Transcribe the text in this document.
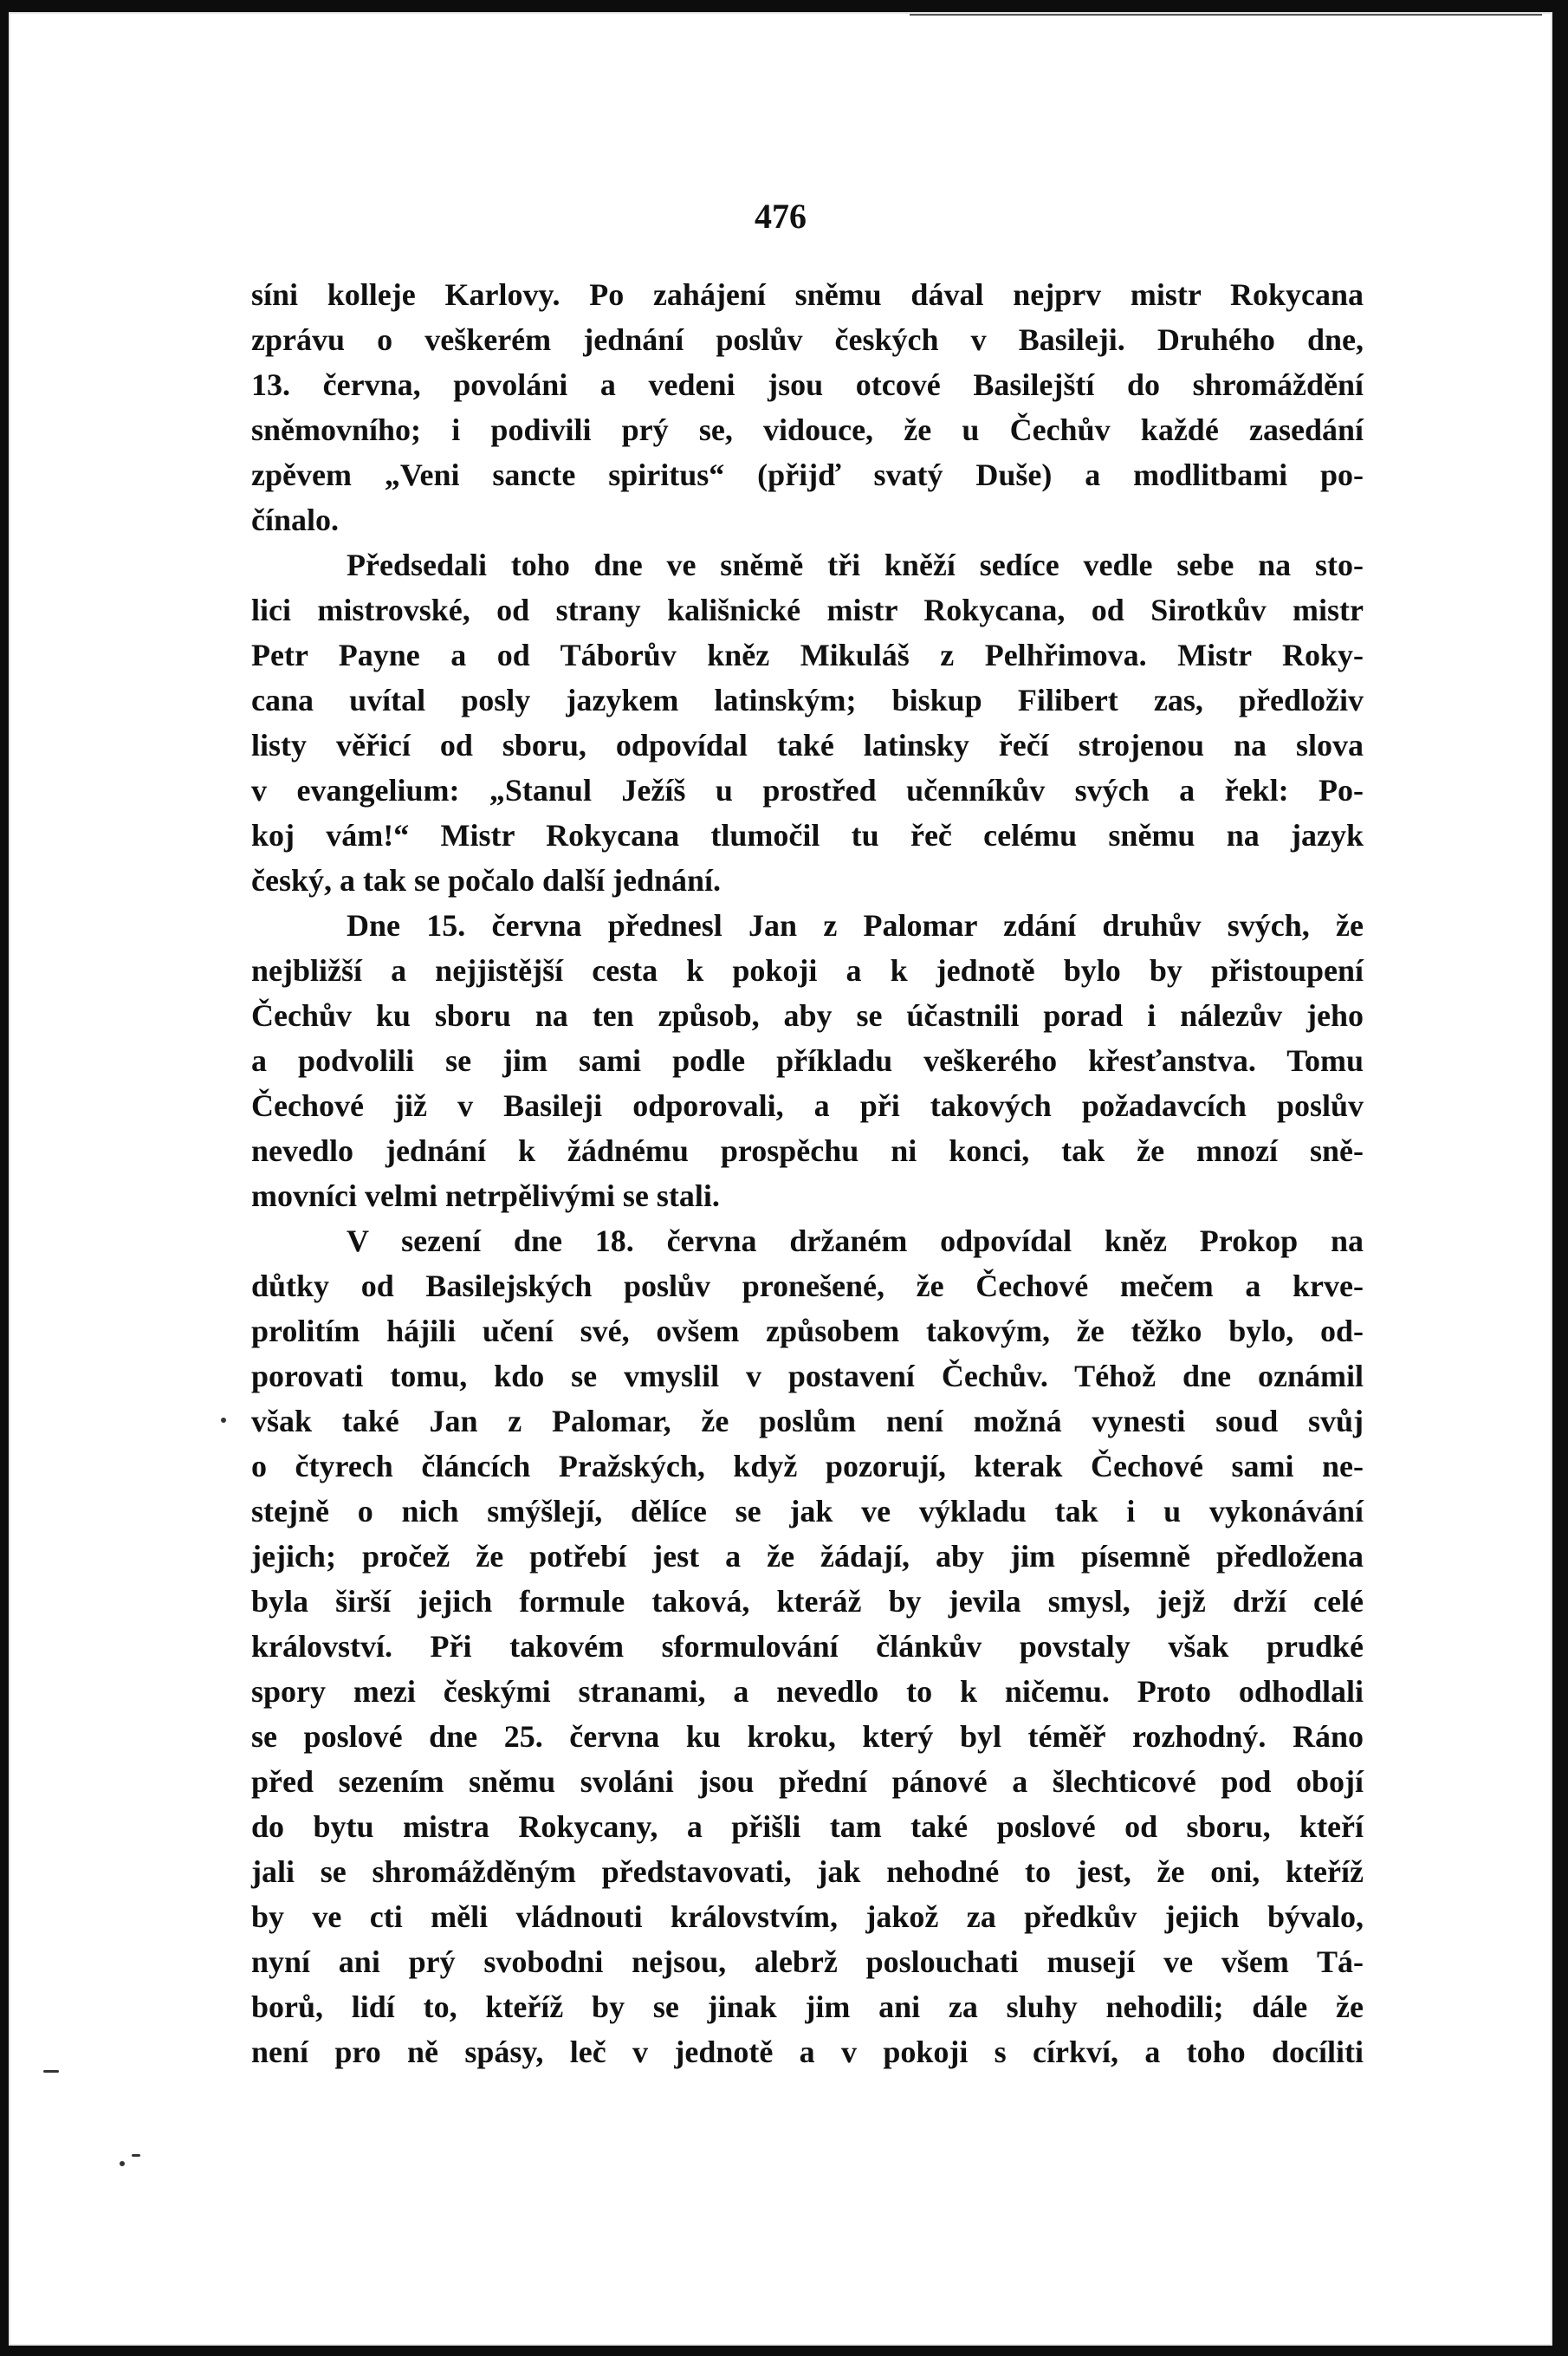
476
síni kolleje Karlovy. Po zahájení sněmu dával nejprv mistr Rokycana
zprávu o veškerém jednání poslův českých v Basileji. Druhého dne,
13. června, povoláni a vedeni jsou otcové Basilejští do shromáždění
sněmovního; i podivili prý se, vidouce, že u Čechův každé zasedání
zpěvem „Veni sancte spiritus“ (přijď svatý Duše) a modlitbami po-
čínalo.
Předsedali toho dne ve sněmě tři kněží sedíce vedle sebe na sto-
lici mistrovské, od strany kališnické mistr Rokycana, od Sirotkův mistr
Petr Payne a od Táborův kněz Mikuláš z Pelhřimova. Mistr Roky-
cana uvítal posly jazykem latinským; biskup Filibert zas, předloživ
listy věřicí od sboru, odpovídal také latinsky řečí strojenou na slova
v evangelium: „Stanul Ježíš u prostřed učenníkův svých a řekl: Po-
koj vám!“ Mistr Rokycana tlumočil tu řeč celému sněmu na jazyk
český, a tak se počalo další jednání.
Dne 15. června přednesl Jan z Palomar zdání druhův svých, že
nejbližší a nejjistější cesta k pokoji a k jednotě bylo by přistoupení
Čechův ku sboru na ten způsob, aby se účastnili porad i nálezův jeho
a podvolili se jim sami podle příkladu veškerého křesťanstva. Tomu
Čechové již v Basileji odporovali, a při takových požadavcích poslův
nevedlo jednání k žádnému prospěchu ni konci, tak že mnozí sně-
movníci velmi netrpělivými se stali.
V sezení dne 18. června držaném odpovídal kněz Prokop na
důtky od Basilejských poslův pronešené, že Čechové mečem a krve-
prolitím hájili učení své, ovšem způsobem takovým, že těžko bylo, od-
porovati tomu, kdo se vmyslil v postavení Čechův. Téhož dne oznámil
však také Jan z Palomar, že poslům není možná vynesti soud svůj
o čtyrech článcích Pražských, když pozorují, kterak Čechové sami ne-
stejně o nich smýšlejí, dělíce se jak ve výkladu tak i u vykonávání
jejich; pročež že potřebí jest a že žádají, aby jim písemně předložena
byla širší jejich formule taková, kteráž by jevila smysl, jejž drží celé
království. Při takovém sformulování článkův povstaly však prudké
spory mezi českými stranami, a nevedlo to k ničemu. Proto odhodlali
se poslové dne 25. června ku kroku, který byl téměř rozhodný. Ráno
před sezením sněmu svoláni jsou přední pánové a šlechticové pod obojí
do bytu mistra Rokycany, a přišli tam také poslové od sboru, kteří
jali se shromážděným představovati, jak nehodné to jest, že oni, kteříž
by ve cti měli vládnouti královstvím, jakož za předkův jejich bývalo,
nyní ani prý svobodni nejsou, alebrž poslouchati musejí ve všem Tá-
borů, lidí to, kteříž by se jinak jim ani za sluhy nehodili; dále že
není pro ně spásy, leč v jednotě a v pokoji s církví, a toho docíliti
